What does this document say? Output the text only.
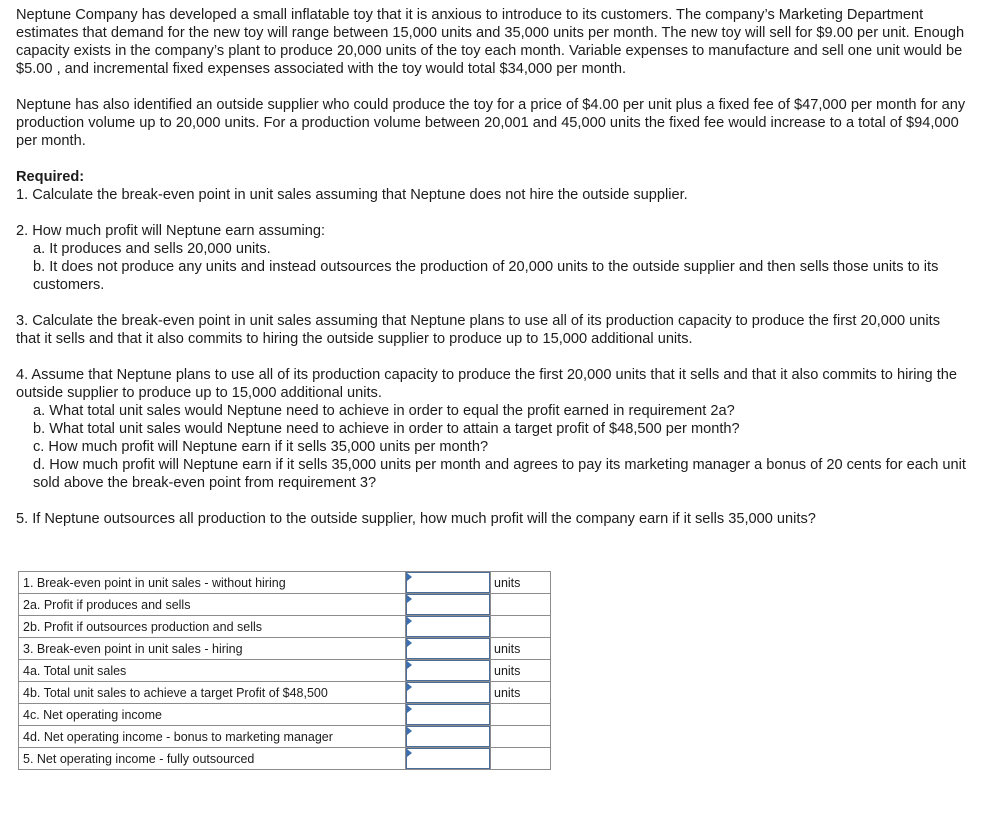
Neptune Company has developed a small inflatable toy that it is anxious to introduce to its customers. The company’s Marketing Department estimates that demand for the new toy will range between 15,000 units and 35,000 units per month. The new toy will sell for $9.00 per unit. Enough capacity exists in the company’s plant to produce 20,000 units of the toy each month. Variable expenses to manufacture and sell one unit would be $5.00 , and incremental fixed expenses associated with the toy would total $34,000 per month.

Neptune has also identified an outside supplier who could produce the toy for a price of $4.00 per unit plus a fixed fee of $47,000 per month for any production volume up to 20,000 units. For a production volume between 20,001 and 45,000 units the fixed fee would increase to a total of $94,000 per month.

Required:
1. Calculate the break-even point in unit sales assuming that Neptune does not hire the outside supplier.
2. How much profit will Neptune earn assuming:
a. It produces and sells 20,000 units.
b. It does not produce any units and instead outsources the production of 20,000 units to the outside supplier and then sells those units to its customers.
3. Calculate the break-even point in unit sales assuming that Neptune plans to use all of its production capacity to produce the first 20,000 units that it sells and that it also commits to hiring the outside supplier to produce up to 15,000 additional units.
4. Assume that Neptune plans to use all of its production capacity to produce the first 20,000 units that it sells and that it also commits to hiring the outside supplier to produce up to 15,000 additional units.
a. What total unit sales would Neptune need to achieve in order to equal the profit earned in requirement 2a?
b. What total unit sales would Neptune need to achieve in order to attain a target profit of $48,500 per month?
c. How much profit will Neptune earn if it sells 35,000 units per month?
d. How much profit will Neptune earn if it sells 35,000 units per month and agrees to pay its marketing manager a bonus of 20 cents for each unit sold above the break-even point from requirement 3?
5. If Neptune outsources all production to the outside supplier, how much profit will the company earn if it sells 35,000 units?
1. Break-even point in unit sales - without hiring		units
2a. Profit if produces and sells	

2b. Profit if outsources production and sells	

3. Break-even point in unit sales - hiring		units
4a. Total unit sales		units
4b. Total unit sales to achieve a target Profit of $48,500		units
4c. Net operating income	

4d. Net operating income - bonus to marketing manager	

5. Net operating income - fully outsourced	
